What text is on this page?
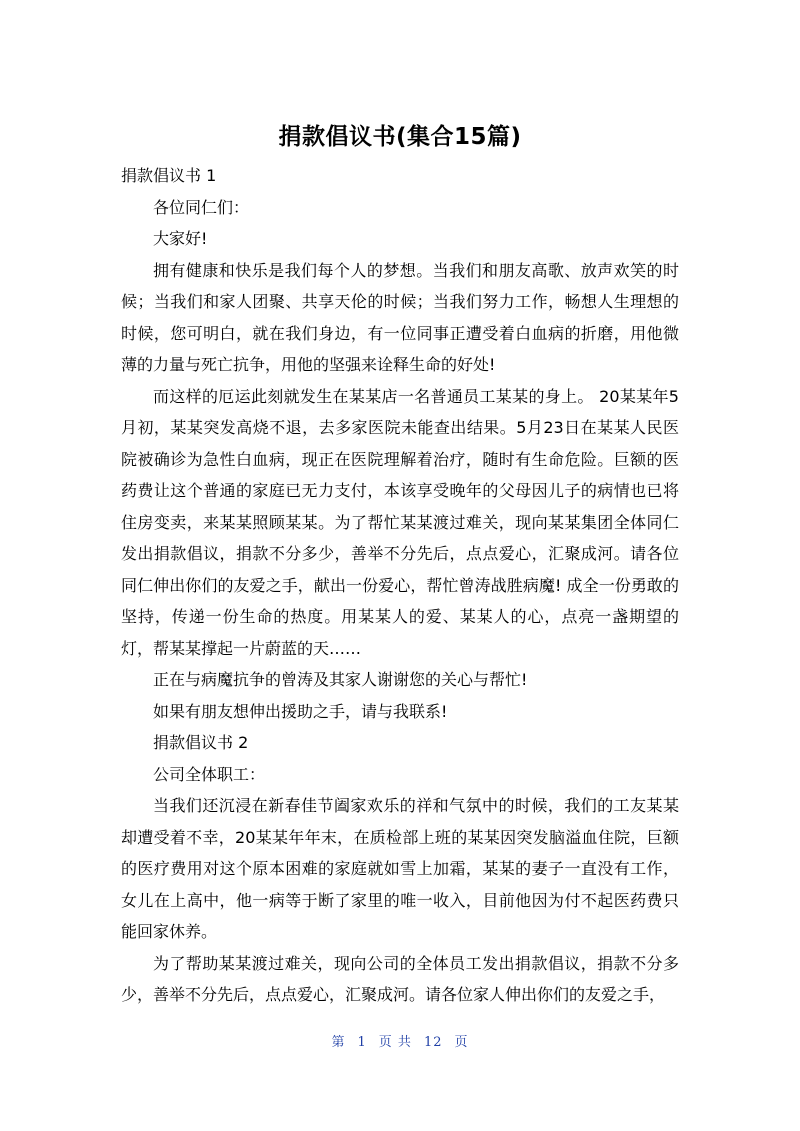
捐款倡议书(集合15篇)

捐款倡议书 1

各位同仁们：

大家好!

拥有健康和快乐是我们每个人的梦想。当我们和朋友高歌、放声欢笑的时候；当我们和家人团聚、共享天伦的时候；当我们努力工作，畅想人生理想的时候，您可明白，就在我们身边，有一位同事正遭受着白血病的折磨，用他微薄的力量与死亡抗争，用他的坚强来诠释生命的好处!

而这样的厄运此刻就发生在某某店一名普通员工某某的身上。 20某某年5月初，某某突发高烧不退，去多家医院未能查出结果。5月23日在某某人民医院被确诊为急性白血病，现正在医院理解着治疗，随时有生命危险。巨额的医药费让这个普通的家庭已无力支付，本该享受晚年的父母因儿子的病情也已将住房变卖，来某某照顾某某。为了帮忙某某渡过难关，现向某某集团全体同仁发出捐款倡议，捐款不分多少，善举不分先后，点点爱心，汇聚成河。请各位同仁伸出你们的友爱之手，献出一份爱心，帮忙曾涛战胜病魔! 成全一份勇敢的坚持，传递一份生命的热度。用某某人的爱、某某人的心，点亮一盏期望的灯，帮某某撑起一片蔚蓝的天……

正在与病魔抗争的曾涛及其家人谢谢您的关心与帮忙!

如果有朋友想伸出援助之手，请与我联系!

捐款倡议书 2

公司全体职工：

当我们还沉浸在新春佳节阖家欢乐的祥和气氛中的时候，我们的工友某某却遭受着不幸，20某某年年末，在质检部上班的某某因突发脑溢血住院，巨额的医疗费用对这个原本困难的家庭就如雪上加霜，某某的妻子一直没有工作，女儿在上高中，他一病等于断了家里的唯一收入，目前他因为付不起医药费只能回家休养。

为了帮助某某渡过难关，现向公司的全体员工发出捐款倡议，捐款不分多少，善举不分先后，点点爱心，汇聚成河。请各位家人伸出你们的友爱之手，

第 1 页 共 12 页
